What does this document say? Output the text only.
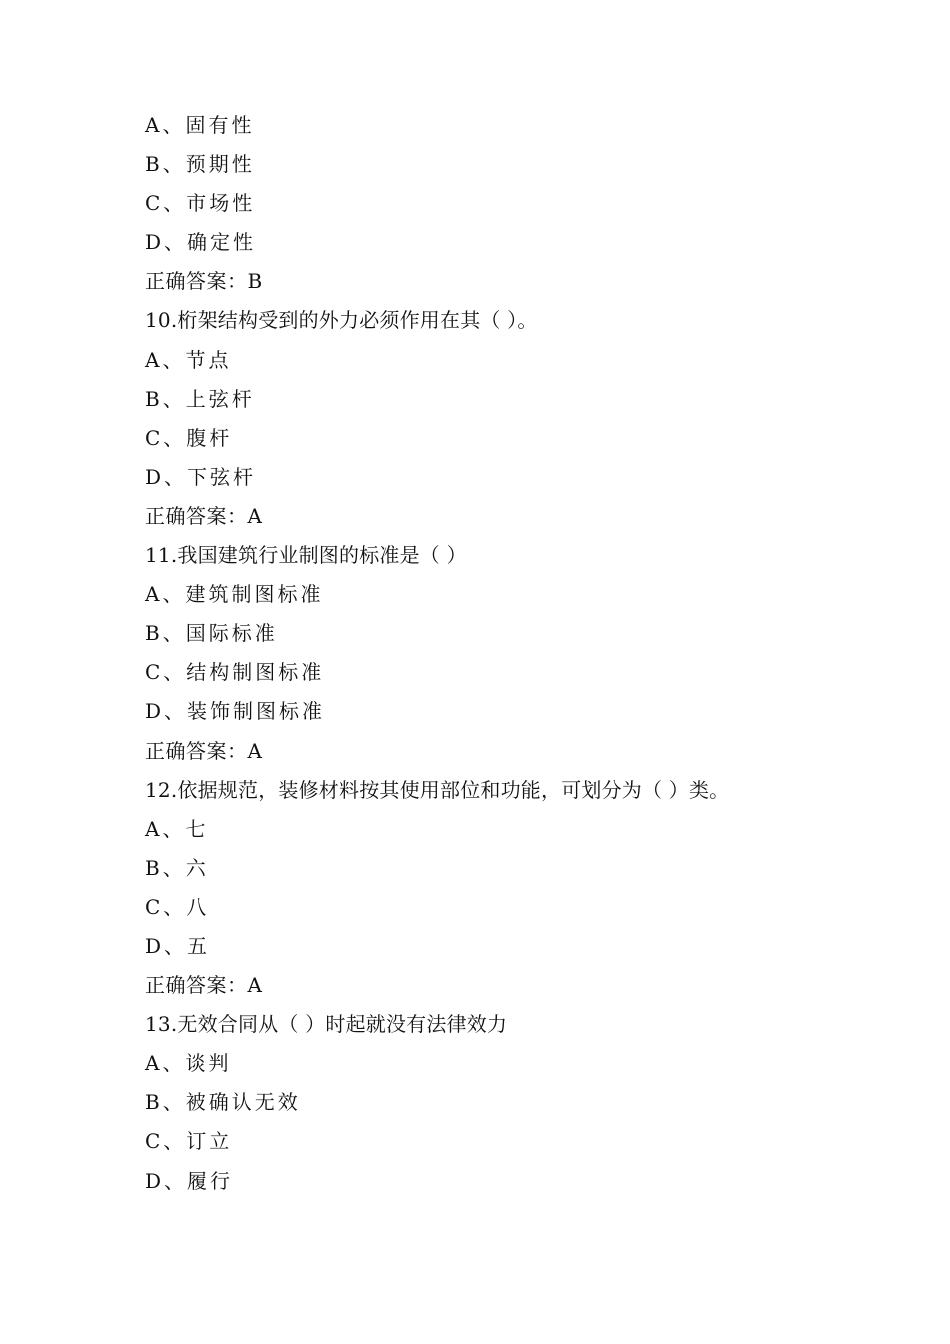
A、固有性
B、预期性
C、市场性
D、确定性
正确答案：B
10.桁架结构受到的外力必须作用在其（ ）。
A、节点
B、上弦杆
C、腹杆
D、下弦杆
正确答案：A
11.我国建筑行业制图的标准是（ ）
A、建筑制图标准
B、国际标准
C、结构制图标准
D、装饰制图标准
正确答案：A
12.依据规范，装修材料按其使用部位和功能，可划分为（ ）类。
A、七
B、六
C、八
D、五
正确答案：A
13.无效合同从（ ）时起就没有法律效力
A、谈判
B、被确认无效
C、订立
D、履行
